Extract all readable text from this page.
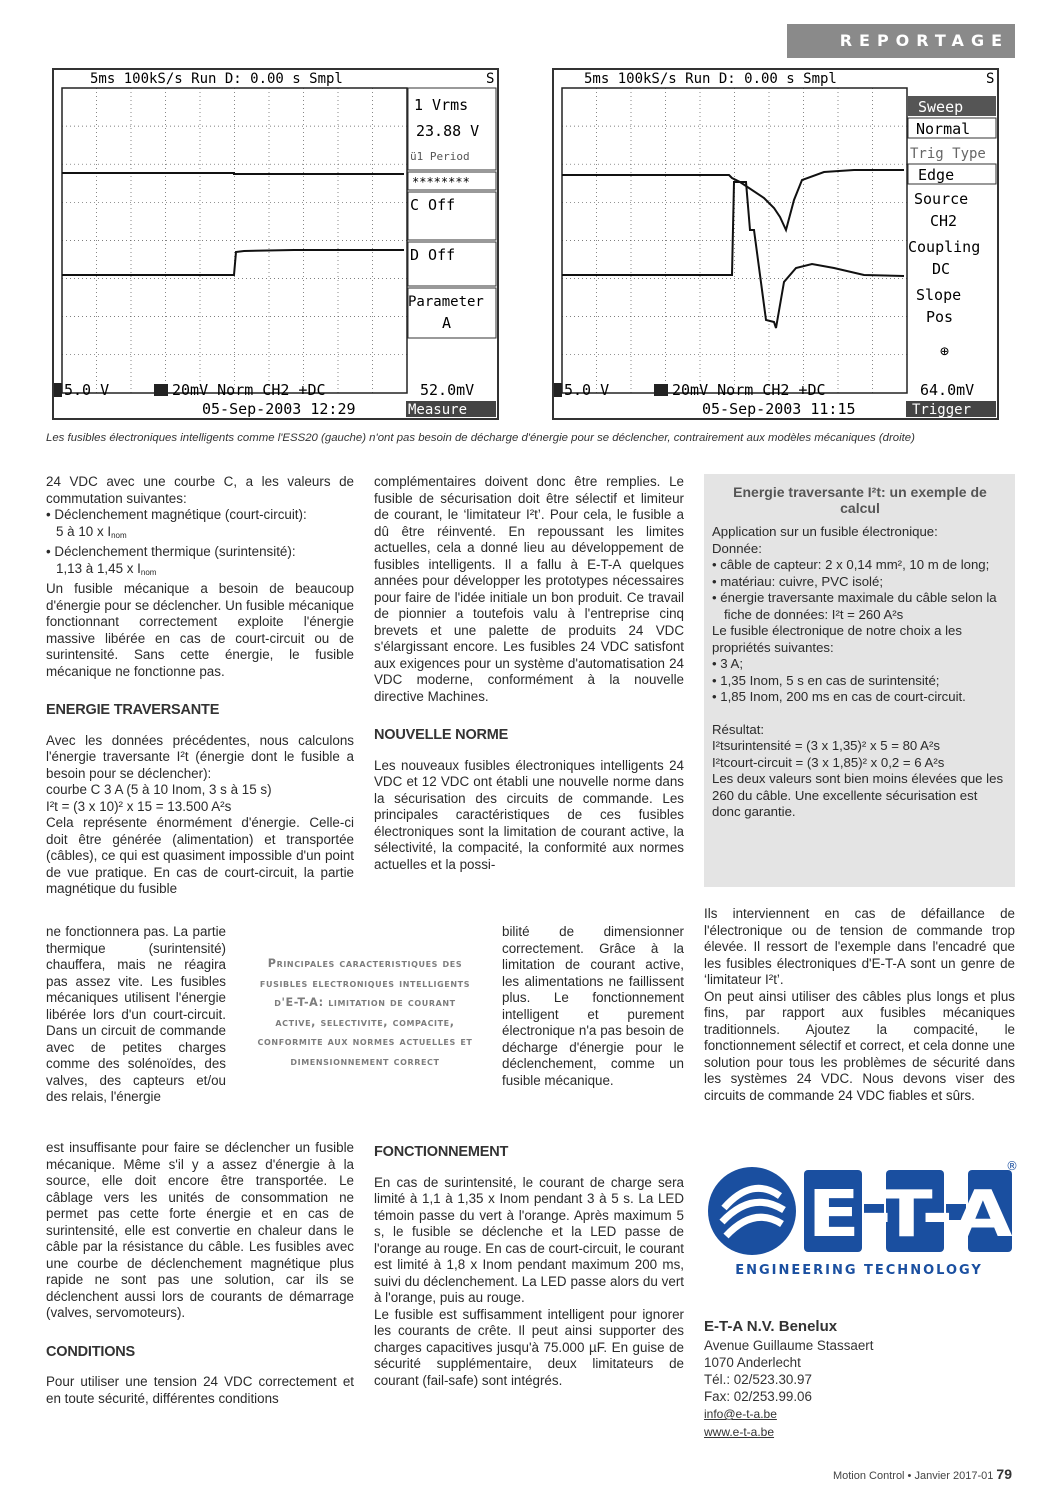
REPORTAGE
5ms 100kS/s Run D: 0.00 s Smpl	S
1 Vrms
23.88 V
ü1 Period
********
C Off
D Off
Parameter
A
5.0 V	20mV Norm CH2 +DC	52.0mV
05-Sep-2003 12:29	Measure
5ms 100kS/s Run D: 0.00 s Smpl	S
Sweep
Normal
Trig Type
Edge
Source
CH2
Coupling
DC
Slope
Pos
⊕
5.0 V	20mV Norm CH2 +DC	64.0mV
05-Sep-2003 11:15	Trigger
Les fusibles électroniques intelligents comme l'ESS20 (gauche) n'ont pas besoin de décharge d'énergie pour se déclencher, contrairement aux modèles mécaniques (droite)

24 VDC avec une courbe C, a les valeurs de commutation suivantes:

• Déclenchement magnétique (court-circuit):

5 à 10 x $I_{nom}$

• Déclenchement thermique (surintensité):

1,13 à 1,45 x $I_{nom}$

Un fusible mécanique a besoin de beaucoup d'énergie pour se déclencher. Un fusible mécanique fonctionnant correctement exploite l'énergie massive libérée en cas de court-circuit ou de surintensité. Sans cette énergie, le fusible mécanique ne fonctionne pas.

ENERGIE TRAVERSANTE

Avec les données précédentes, nous calculons l'énergie traversante I²t (énergie dont le fusible a besoin pour se déclencher):

courbe C 3 A (5 à 10 Inom, 3 s à 15 s)

I²t = (3 x 10)² x 15 = 13.500 A²s

Cela représente énormément d'énergie. Celle-ci doit être générée (alimentation) et transportée (câbles), ce qui est quasiment impossible d'un point de vue pratique. En cas de court-circuit, la partie magnétique du fusible

ne fonctionnera pas. La partie thermique (surintensité) chauffera, mais ne réagira pas assez vite. Les fusibles mécaniques utilisent l'énergie libérée lors d'un court-circuit. Dans un circuit de commande avec de petites charges comme des solénoïdes, des valves, des capteurs et/ou des relais, l'énergie

est insuffisante pour faire se déclencher un fusible mécanique. Même s'il y a assez d'énergie à la source, elle doit encore être transportée. Le câblage vers les unités de consommation ne permet pas cette forte énergie et en cas de surintensité, elle est convertie en chaleur dans le câble par la résistance du câble. Les fusibles avec une courbe de déclenchement magnétique plus rapide ne sont pas une solution, car ils se déclenchent aussi lors de courants de démarrage (valves, servomoteurs).

CONDITIONS

Pour utiliser une tension 24 VDC correctement et en toute sécurité, différentes conditions

Principales caracteristiques des fusibles electroniques intelligents d'E-T-A: limitation de courant active, selectivite, compacite, conformite aux normes actuelles et dimensionnement correct

complémentaires doivent donc être remplies. Le fusible de sécurisation doit être sélectif et limiteur de courant, le ‘limitateur I²t’. Pour cela, le fusible a dû être réinventé. En repoussant les limites actuelles, cela a donné lieu au développement de fusibles intelligents. Il a fallu à E-T-A quelques années pour développer les prototypes nécessaires pour faire de l'idée initiale un bon produit. Ce travail de pionnier a toutefois valu à l'entreprise cinq brevets et une palette de produits 24 VDC s'élargissant encore. Les fusibles 24 VDC satisfont aux exigences pour un système d'automatisation 24 VDC moderne, conformément à la nouvelle directive Machines.

NOUVELLE NORME

Les nouveaux fusibles électroniques intelligents 24 VDC et 12 VDC ont établi une nouvelle norme dans la sécurisation des circuits de commande. Les principales caractéristiques de ces fusibles électroniques sont la limitation de courant active, la sélectivité, la compacité, la conformité aux normes actuelles et la possi-

bilité de dimensionner correctement. Grâce à la limitation de courant active, les alimentations ne faillissent plus. Le fonctionnement intelligent et purement électronique n'a pas besoin de décharge d'énergie pour le déclenchement, comme un fusible mécanique.

FONCTIONNEMENT

En cas de surintensité, le courant de charge sera limité à 1,1 à 1,35 x Inom pendant 3 à 5 s. La LED témoin passe du vert à l'orange. Après maximum 5 s, le fusible se déclenche et la LED passe de l'orange au rouge. En cas de court-circuit, le courant est limité à 1,8 x Inom pendant maximum 200 ms, suivi du déclenchement. La LED passe alors du vert à l'orange, puis au rouge.

Le fusible est suffisamment intelligent pour ignorer les courants de crête. Il peut ainsi supporter des charges capacitives jusqu'à 75.000 µF. En guise de sécurité supplémentaire, deux limitateurs de courant (fail-safe) sont intégrés.

Energie traversante I²t: un exemple de calcul

Application sur un fusible électronique:

Donnée:

• câble de capteur: 2 x 0,14 mm², 10 m de long;

• matériau: cuivre, PVC isolé;

• énergie traversante maximale du câble selon la fiche de données: I²t = 260 A²s

Le fusible électronique de notre choix a les propriétés suivantes:

• 3 A;

• 1,35 Inom, 5 s en cas de surintensité;

• 1,85 Inom, 200 ms en cas de court-circuit.

Résultat:

I²tsurintensité = (3 x 1,35)² x 5 = 80 A²s

I²tcourt-circuit = (3 x 1,85)² x 0,2 = 6 A²s

Les deux valeurs sont bien moins élevées que les 260 du câble. Une excellente sécurisation est donc garantie.

Ils interviennent en cas de défaillance de l'électronique ou de tension de commande trop élevée. Il ressort de l'exemple dans l'encadré que les fusibles électroniques d'E-T-A sont un genre de ‘limitateur I²t’.

On peut ainsi utiliser des câbles plus longs et plus fins, par rapport aux fusibles mécaniques traditionnels. Ajoutez la compacité, le fonctionnement sélectif et correct, et cela donne une solution pour tous les problèmes de sécurité dans les systèmes 24 VDC. Nous devons viser des circuits de commande 24 VDC fiables et sûrs.

E-T-A
®
ENGINEERING TECHNOLOGY
E-T-A N.V. Benelux
Avenue Guillaume Stassaert
1070 Anderlecht
Tél.: 02/523.30.97
Fax: 02/253.99.06
info@e-t-a.be
www.e-t-a.be
Motion Control • Janvier 2017-01 79
